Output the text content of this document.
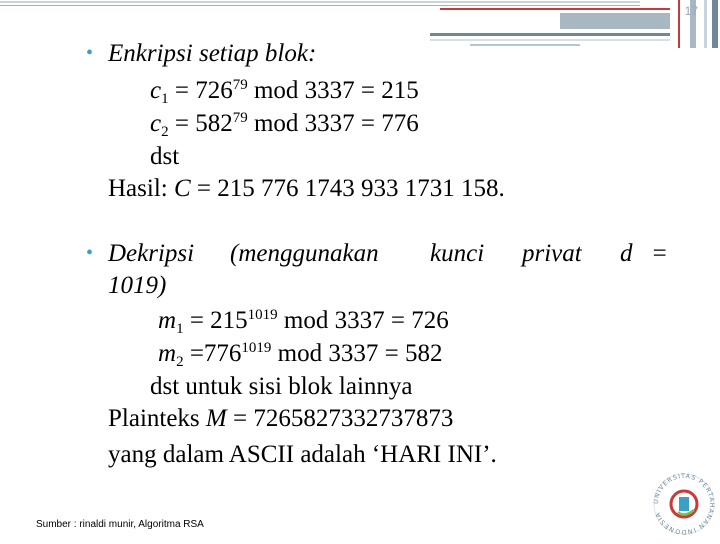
17
• Enkripsi setiap blok:
$c_1 = 726^{79}$ mod 3337 = 215
$c_2 = 582^{79}$ mod 3337 = 776
dst
Hasil: C = 215 776 1743 933 1731 158.
• Dekripsi (menggunakan kunci privat d =
1019)
$m_1 = 215^{1019}$ mod 3337 = 726
$m_2 =776^{1019}$ mod 3337 = 582
dst untuk sisi blok lainnya
Plainteks M = 7265827332737873
yang dalam ASCII adalah ‘HARI INI’.
Sumber : rinaldi munir, Algoritma RSA
UNIVERSITAS PERTAHANAN INDONESIA
